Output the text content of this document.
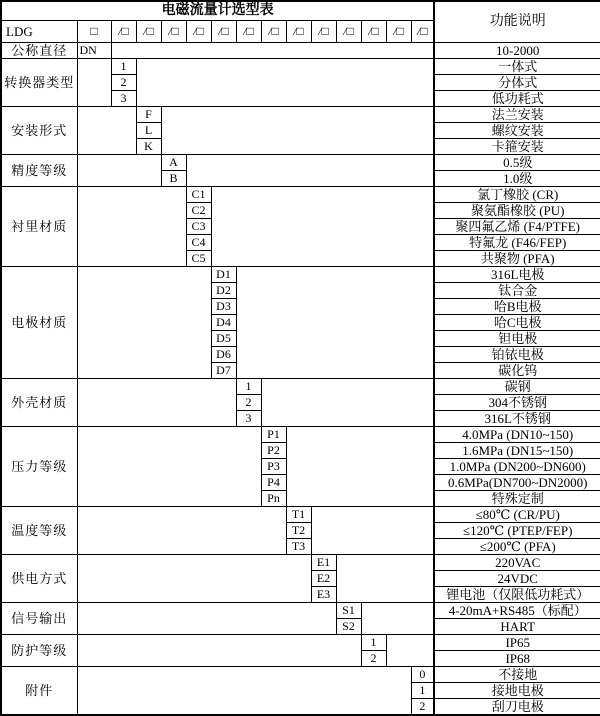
电磁流量计选型表															功能说明
LDG	□	/□	/□	/□	/□	/□	/□	/□	/□	/□	/□	/□	/□	/□	
公称直径	DN														10-2000
转换器类型		1													一体式
		2													分体式
		3													低功耗式
安装形式			F												法兰安装
			L												螺纹安装
			K												卡箍安装
精度等级				A											0.5级
				B											1.0级
衬里材质					C1										氯丁橡胶 (CR)
					C2										聚氨酯橡胶 (PU)
					C3										聚四氟乙烯 (F4/PTFE)
					C4										特氟龙 (F46/FEP)
					C5										共聚物 (PFA)
电极材质						D1									316L电极
						D2									钛合金
						D3									哈B电极
						D4									哈C电极
						D5									钽电极
						D6									铂铱电极
						D7									碳化钨
外壳材质							1								碳钢
							2								304不锈钢
							3								316L不锈钢
压力等级								P1							4.0MPa (DN10~150)
								P2							1.6MPa (DN15~150)
								P3							1.0MPa (DN200~DN600)
								P4							0.6MPa(DN700~DN2000)
								Pn							特殊定制
温度等级									T1						≤80℃ (CR/PU)
									T2						≤120℃ (PTEP/FEP)
									T3						≤200℃ (PFA)
供电方式										E1					220VAC
										E2					24VDC
										E3					锂电池（仅限低功耗式）
信号输出											S1				4-20mA+RS485（标配）
											S2				HART
防护等级												1			IP65
												2			IP68
附件														0	不接地
														1	接地电极
														2	刮刀电极
